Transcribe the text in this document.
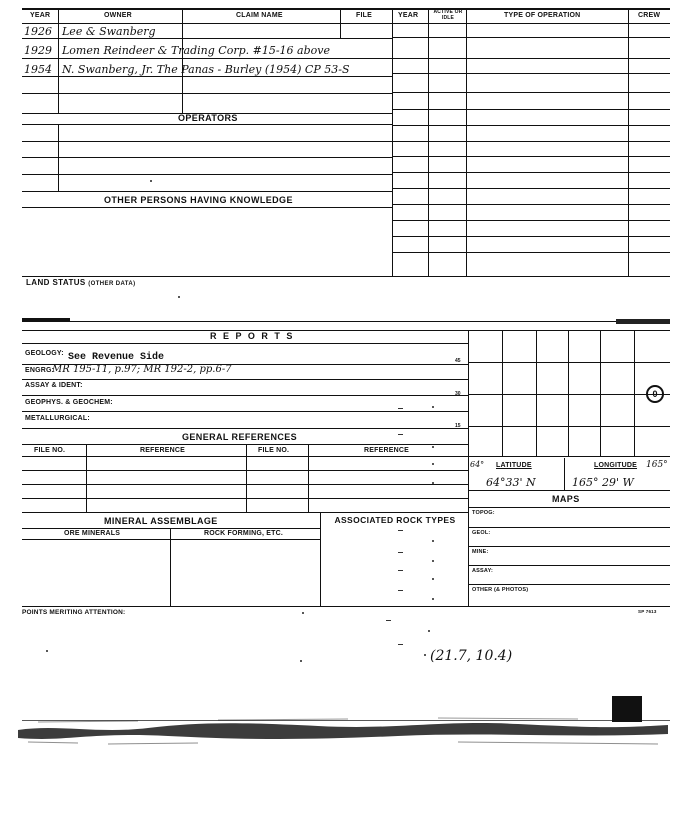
YEAR	OWNER	CLAIM NAME	FILE	YEAR	ACTIVE OR IDLE	TYPE OF OPERATION	CREW
1926 Lee & Swanberg
1929 Lomen Reindeer & Trading Corp. #15-16 above
1954 N. Swanberg, Jr. The Panas - Burley (1954) CP 53-S
OPERATORS
OTHER PERSONS HAVING KNOWLEDGE
LAND STATUS (OTHER DATA)
R E P O R T S
GEOLOGY: See Revenue Side
ENGRG:
MR 195-11, p.97; MR 192-2, pp.6-7
ASSAY & IDENT:
GEOPHYS. & GEOCHEM:
METALLURGICAL:
45
30
15
GENERAL REFERENCES
FILE NO.	REFERENCE	FILE NO.	REFERENCE
MINERAL ASSEMBLAGE
ORE MINERALS	ROCK FORMING, ETC.
ASSOCIATED ROCK TYPES
0
64° LATITUDE	LONGITUDE 165°
64°33' N	165° 29' W
MAPS
TOPOG:
GEOL:
MINE:
ASSAY:
OTHER (& PHOTOS)
POINTS MERITING ATTENTION:	SP 7613
(21.7, 10.4)
